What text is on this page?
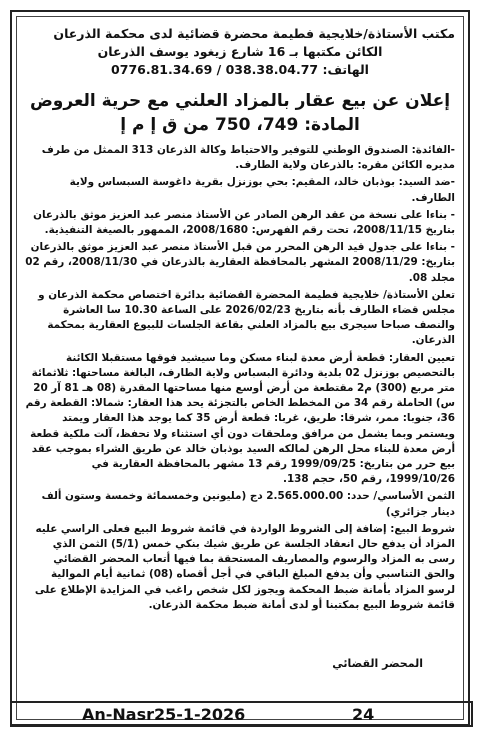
مكتب الأستاذة/خلايجية فطيمة محضرة قضائية لدى محكمة الذرعان
الكائن مكتبها بـ 16 شارع زيغود يوسف الذرعان
الهاتف: 038.38.04.77 / 0776.81.34.69
إعلان عن بيع عقار بالمزاد العلني مع حرية العروض
المادة: 749، 750 من ق إ م إ

-الفائدة: الصندوق الوطني للتوفير والاحتياط وكالة الذرعان 313 الممثل من طرف مديره الكائن مقره: بالذرعان ولاية الطارف.

-ضد السيد: بوذبان خالد، المقيم: بحي بوزنزل بقرية داغوسة السبساس ولاية الطارف.

- بناءا على نسخة من عقد الرهن الصادر عن الأستاذ منصر عبد العزيز موثق بالذرعان بتاريخ 2008/11/15، تحت رقم الفهرس: 2008/1680، الممهور بالصيغة التنفيذية.

- بناءا على جدول قيد الرهن المحرر من قبل الأستاذ منصر عبد العزيز موثق بالذرعان بتاريخ: 2008/11/29 المشهر بالمحافظة العقارية بالذرعان في 2008/11/30، رقم 02 مجلد 08.

تعلن الأستاذة/ خلايجية فطيمة المحضرة القضائية بدائرة اختصاص محكمة الذرعان و مجلس قضاء الطارف بأنه بتاريخ 2026/02/23 على الساعة 10.30 سا العاشرة والنصف صباحا سيجرى بيع بالمزاد العلني بقاعة الجلسات للبيوع العقارية بمحكمة الذرعان.

تعيين العقار: قطعة أرض معدة لبناء مسكن وما سيشيد فوقها مستقبلا الكائنة بالتحصيص بوزنزل 02 بلدية ودائرة البسباس ولاية الطارف، البالغة مساحتها: ثلاثمائة متر مربع (300) م2 مقتطعة من أرض أوسع منها مساحتها المقدرة (08 هـ 81 آر 20 س) الحاملة رقم 34 من المخطط الخاص بالتجزئة يحد هذا العقار: شمالا: القطعة رقم 36، جنوبا: ممر، شرقا: طريق، غربا: قطعة أرض 35 كما يوجد هذا العقار ويمتد ويستمر وبما يشمل من مرافق وملحقات دون أي استثناء ولا تحفظ، آلت ملكية قطعة أرض معدة للبناء محل الرهن لمالكه السيد بوذبان خالد عن طريق الشراء بموجب عقد بيع حرر من بتاريخ: 1999/09/25 رقم 13 مشهر بالمحافظة العقارية في 1999/10/26، رقم 50، حجم 138.

الثمن الأساسي/ حدد: 2.565.000.00 دج (مليونين وخمسمائة وخمسة وستون ألف دينار جزائري)

شروط البيع: إضافة إلى الشروط الواردة في قائمة شروط البيع فعلى الراسي عليه المزاد أن يدفع حال انعقاد الجلسة عن طريق شيك بنكي خمس (5/1) الثمن الذي رسى به المزاد والرسوم والمصاريف المستحقة بما فيها أتعاب المحضر القضائي والحق التناسبي وأن يدفع المبلغ الباقي في أجل أقصاه (08) ثمانية أيام الموالية لرسو المزاد بأمانة ضبط المحكمة ويجوز لكل شخص راغب في المزايدة الإطلاع على قائمة شروط البيع بمكتبنا أو لدى أمانة ضبط محكمة الذرعان.

المحضر القضائي
An-Nasr25-1-2026	24
